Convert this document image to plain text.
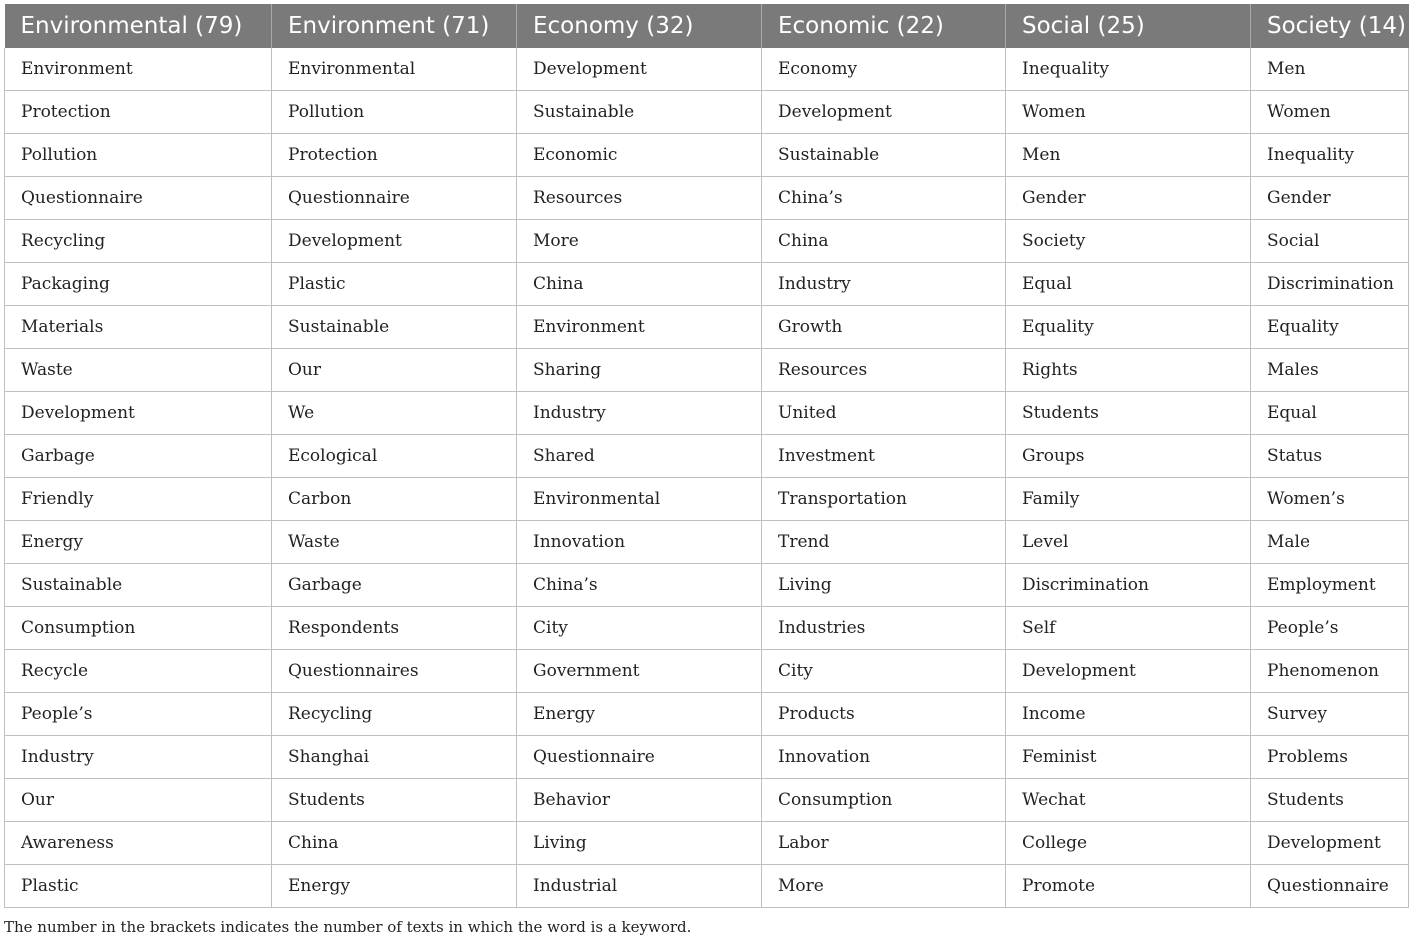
Environmental (79)	Environment (71)	Economy (32)	Economic (22)	Social (25)	Society (14)
Environment	Environmental	Development	Economy	Inequality	Men
Protection	Pollution	Sustainable	Development	Women	Women
Pollution	Protection	Economic	Sustainable	Men	Inequality
Questionnaire	Questionnaire	Resources	China’s	Gender	Gender
Recycling	Development	More	China	Society	Social
Packaging	Plastic	China	Industry	Equal	Discrimination
Materials	Sustainable	Environment	Growth	Equality	Equality
Waste	Our	Sharing	Resources	Rights	Males
Development	We	Industry	United	Students	Equal
Garbage	Ecological	Shared	Investment	Groups	Status
Friendly	Carbon	Environmental	Transportation	Family	Women’s
Energy	Waste	Innovation	Trend	Level	Male
Sustainable	Garbage	China’s	Living	Discrimination	Employment
Consumption	Respondents	City	Industries	Self	People’s
Recycle	Questionnaires	Government	City	Development	Phenomenon
People’s	Recycling	Energy	Products	Income	Survey
Industry	Shanghai	Questionnaire	Innovation	Feminist	Problems
Our	Students	Behavior	Consumption	Wechat	Students
Awareness	China	Living	Labor	College	Development
Plastic	Energy	Industrial	More	Promote	Questionnaire
The number in the brackets indicates the number of texts in which the word is a keyword.
